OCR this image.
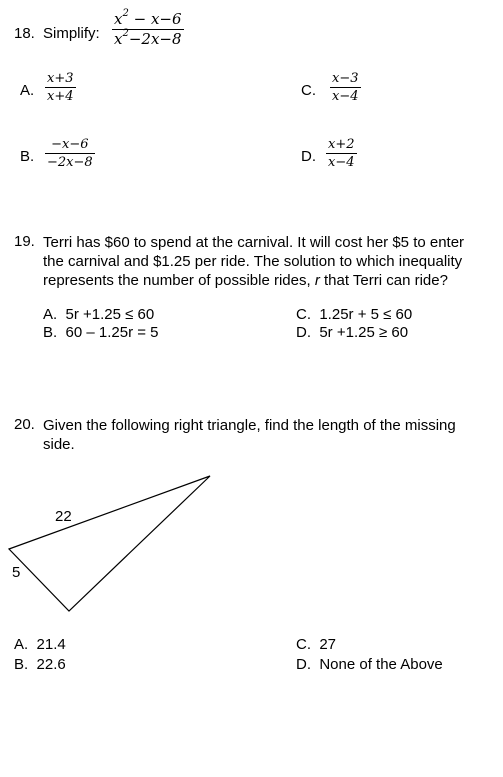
18. Simplify:
$x^2 - x-6$
$x^2-2x-8$
A.
x+3
x+4
B.
−x−6
−2x−8
C.
x−3
x−4
D.
x+2
x−4
19. Terri has $60 to spend at the carnival. It will cost her $5 to enter
the carnival and $1.25 per ride. The solution to which inequality
represents the number of possible rides, r that Terri can ride?
A. 5r +1.25 ≤ 60
B. 60 – 1.25r = 5
C. 1.25r + 5 ≤ 60
D. 5r +1.25 ≥ 60
20. Given the following right triangle, find the length of the missing
side.
22
5
A. 21.4
B. 22.6
C. 27
D. None of the Above
